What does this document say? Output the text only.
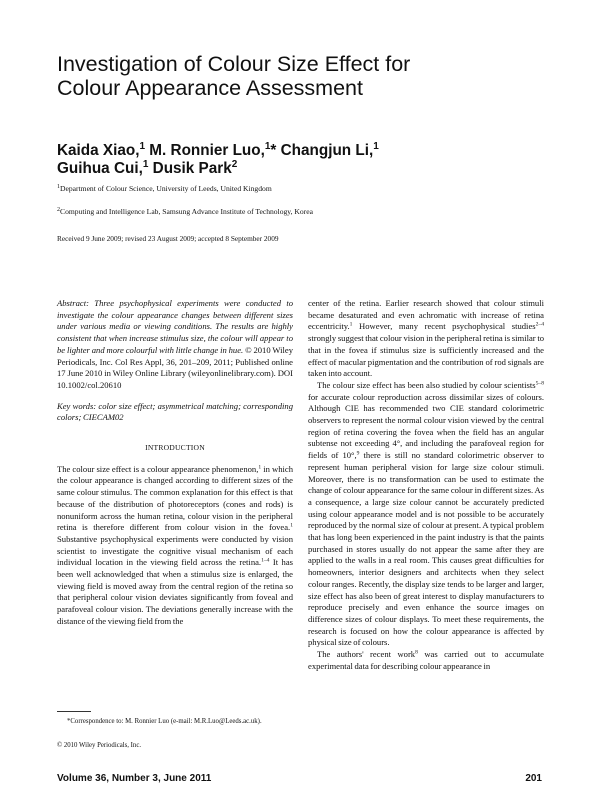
Investigation of Colour Size Effect for
Colour Appearance Assessment
Kaida Xiao,$^1$ M. Ronnier Luo,$^1$* Changjun Li,$^1$
Guihua Cui,$^1$ Dusik Park$^2$

$^1$Department of Colour Science, University of Leeds, United Kingdom

$^2$Computing and Intelligence Lab, Samsung Advance Institute of Technology, Korea

Received 9 June 2009; revised 23 August 2009; accepted 8 September 2009

Abstract: Three psychophysical experiments were conducted to investigate the colour appearance changes between different sizes under various media or viewing conditions. The results are highly consistent that when increase stimulus size, the colour will appear to be lighter and more colourful with little change in hue. © 2010 Wiley Periodicals, Inc. Col Res Appl, 36, 201–209, 2011; Published online 17 June 2010 in Wiley Online Library (wileyonlinelibrary.com). DOI 10.1002/col.20610

Key words: color size effect; asymmetrical matching; corresponding colors; CIECAM02

INTRODUCTION

The colour size effect is a colour appearance phenomenon,$^1$ in which the colour appearance is changed according to different sizes of the same colour stimulus. The common explanation for this effect is that because of the distribution of photoreceptors (cones and rods) is nonuniform across the human retina, colour vision in the peripheral retina is therefore different from colour vision in the fovea.$^1$ Substantive psychophysical experiments were conducted by vision scientist to investigate the cognitive visual mechanism of each individual location in the viewing field across the retina.$^{1-4}$ It has been well acknowledged that when a stimulus size is enlarged, the viewing field is moved away from the central region of the retina so that peripheral colour vision deviates significantly from foveal and parafoveal colour vision. The deviations generally increase with the distance of the viewing field from the

center of the retina. Earlier research showed that colour stimuli became desaturated and even achromatic with increase of retina eccentricity.$^1$ However, many recent psychophysical studies$^{2-4}$ strongly suggest that colour vision in the peripheral retina is similar to that in the fovea if stimulus size is sufficiently increased and the effect of macular pigmentation and the contribution of rod signals are taken into account.

The colour size effect has been also studied by colour scientists$^{5-8}$ for accurate colour reproduction across dissimilar sizes of colours. Although CIE has recommended two CIE standard colorimetric observers to represent the normal colour vision viewed by the central region of retina covering the fovea when the field has an angular subtense not exceeding 4°, and including the parafoveal region for fields of 10°,$^9$ there is still no standard colorimetric observer to represent human peripheral vision for large size colour stimuli. Moreover, there is no transformation can be used to estimate the change of colour appearance for the same colour in different sizes. As a consequence, a large size colour cannot be accurately predicted using colour appearance model and is not possible to be accurately reproduced by the normal size of colour at present. A typical problem that has long been experienced in the paint industry is that the paints purchased in stores usually do not appear the same after they are applied to the walls in a real room. This causes great difficulties for homeowners, interior designers and architects when they select colour ranges. Recently, the display size tends to be larger and larger, size effect has also been of great interest to display manufacturers to reproduce precisely and even enhance the source images on difference sizes of colour displays. To meet these requirements, the research is focused on how the colour appearance is affected by physical size of colours.

The authors' recent work$^8$ was carried out to accumulate experimental data for describing colour appearance in

*Correspondence to: M. Ronnier Luo (e-mail: M.R.Luo@Leeds.ac.uk).

© 2010 Wiley Periodicals, Inc.

Volume 36, Number 3, June 2011	201
